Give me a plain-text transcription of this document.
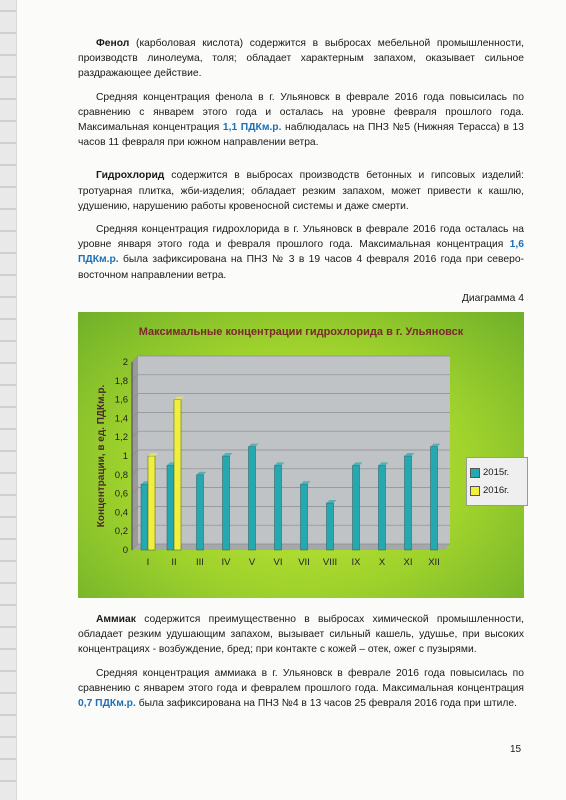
Фенол (карболовая кислота) содержится в выбросах мебельной промышленности, производств линолеума, толя; обладает характерным запахом, оказывает сильное раздражающее действие.

Средняя концентрация фенола в г. Ульяновск в феврале 2016 года повысилась по сравнению с январем этого года и осталась на уровне февраля прошлого года. Максимальная концентрация 1,1 ПДКм.р. наблюдалась на ПНЗ №5 (Нижняя Терасса) в 13 часов 11 февраля при южном направлении ветра.

Гидрохлорид содержится в выбросах производств бетонных и гипсовых изделий: тротуарная плитка, жби-изделия; обладает резким запахом, может привести к кашлю, удушению, нарушению работы кровеносной системы и даже смерти.

Средняя концентрация гидрохлорида в г. Ульяновск в феврале 2016 года осталась на уровне января этого года и февраля прошлого года. Максимальная концентрация 1,6 ПДКм.р. была зафиксирована на ПНЗ № 3 в 19 часов 4 февраля 2016 года при северо-восточном направлении ветра.

Диаграмма 4
Максимальные концентрации гидрохлорида в г. Ульяновск
0
0,2
0,4
0,6
0,8
1
1,2
1,4
1,6
1,8
2
Концентрации, в ед. ПДКм.р.
I II III IV V VI VII VIII IX X XI XII
2015г.
2016г.

Аммиак содержится преимущественно в выбросах химической промышленности, обладает резким удушающим запахом, вызывает сильный кашель, удушье, при высоких концентрациях - возбуждение, бред; при контакте с кожей – отек, ожег с пузырями.

Средняя концентрация аммиака в г. Ульяновск в феврале 2016 года повысилась по сравнению с январем этого года и февралем прошлого года. Максимальная концентрация 0,7 ПДКм.р. была зафиксирована на ПНЗ №4 в 13 часов 25 февраля 2016 года при штиле.

15
